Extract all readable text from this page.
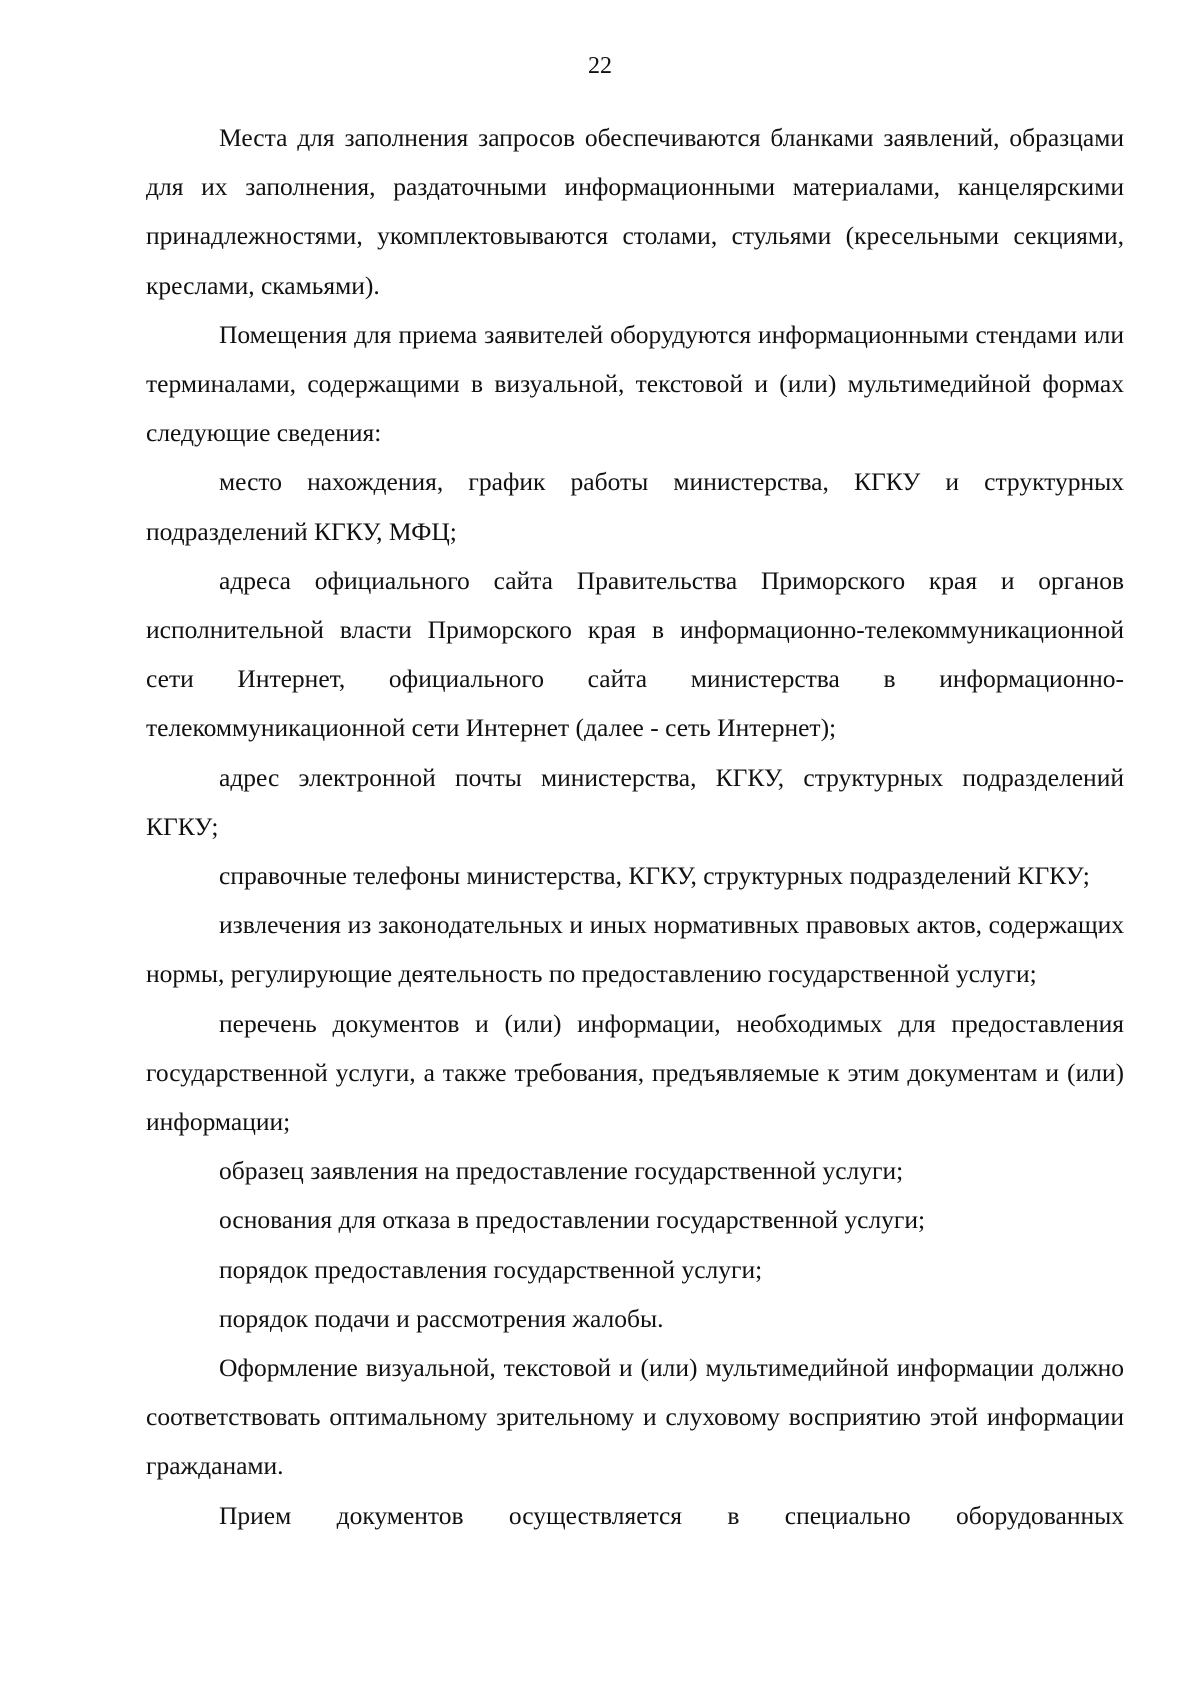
22

Места для заполнения запросов обеспечиваются бланками заявлений, образцами для их заполнения, раздаточными информационными материалами, канцелярскими принадлежностями, укомплектовываются столами, стульями (кресельными секциями, креслами, скамьями).

Помещения для приема заявителей оборудуются информационными стендами или терминалами, содержащими в визуальной, текстовой и (или) мультимедийной формах следующие сведения:

место нахождения, график работы министерства, КГКУ и структурных подразделений КГКУ, МФЦ;

адреса официального сайта Правительства Приморского края и органов исполнительной власти Приморского края в информационно-телекоммуникационной сети Интернет, официального сайта министерства в информационно-телекоммуникационной сети Интернет (далее - сеть Интернет);

адрес электронной почты министерства, КГКУ, структурных подразделений КГКУ;

справочные телефоны министерства, КГКУ, структурных подразделений КГКУ;

извлечения из законодательных и иных нормативных правовых актов, содержащих нормы, регулирующие деятельность по предоставлению государственной услуги;

перечень документов и (или) информации, необходимых для предоставления государственной услуги, а также требования, предъявляемые к этим документам и (или) информации;

образец заявления на предоставление государственной услуги;

основания для отказа в предоставлении государственной услуги;

порядок предоставления государственной услуги;

порядок подачи и рассмотрения жалобы.

Оформление визуальной, текстовой и (или) мультимедийной информации должно соответствовать оптимальному зрительному и слуховому восприятию этой информации гражданами.

Прием документов осуществляется в специально оборудованных
